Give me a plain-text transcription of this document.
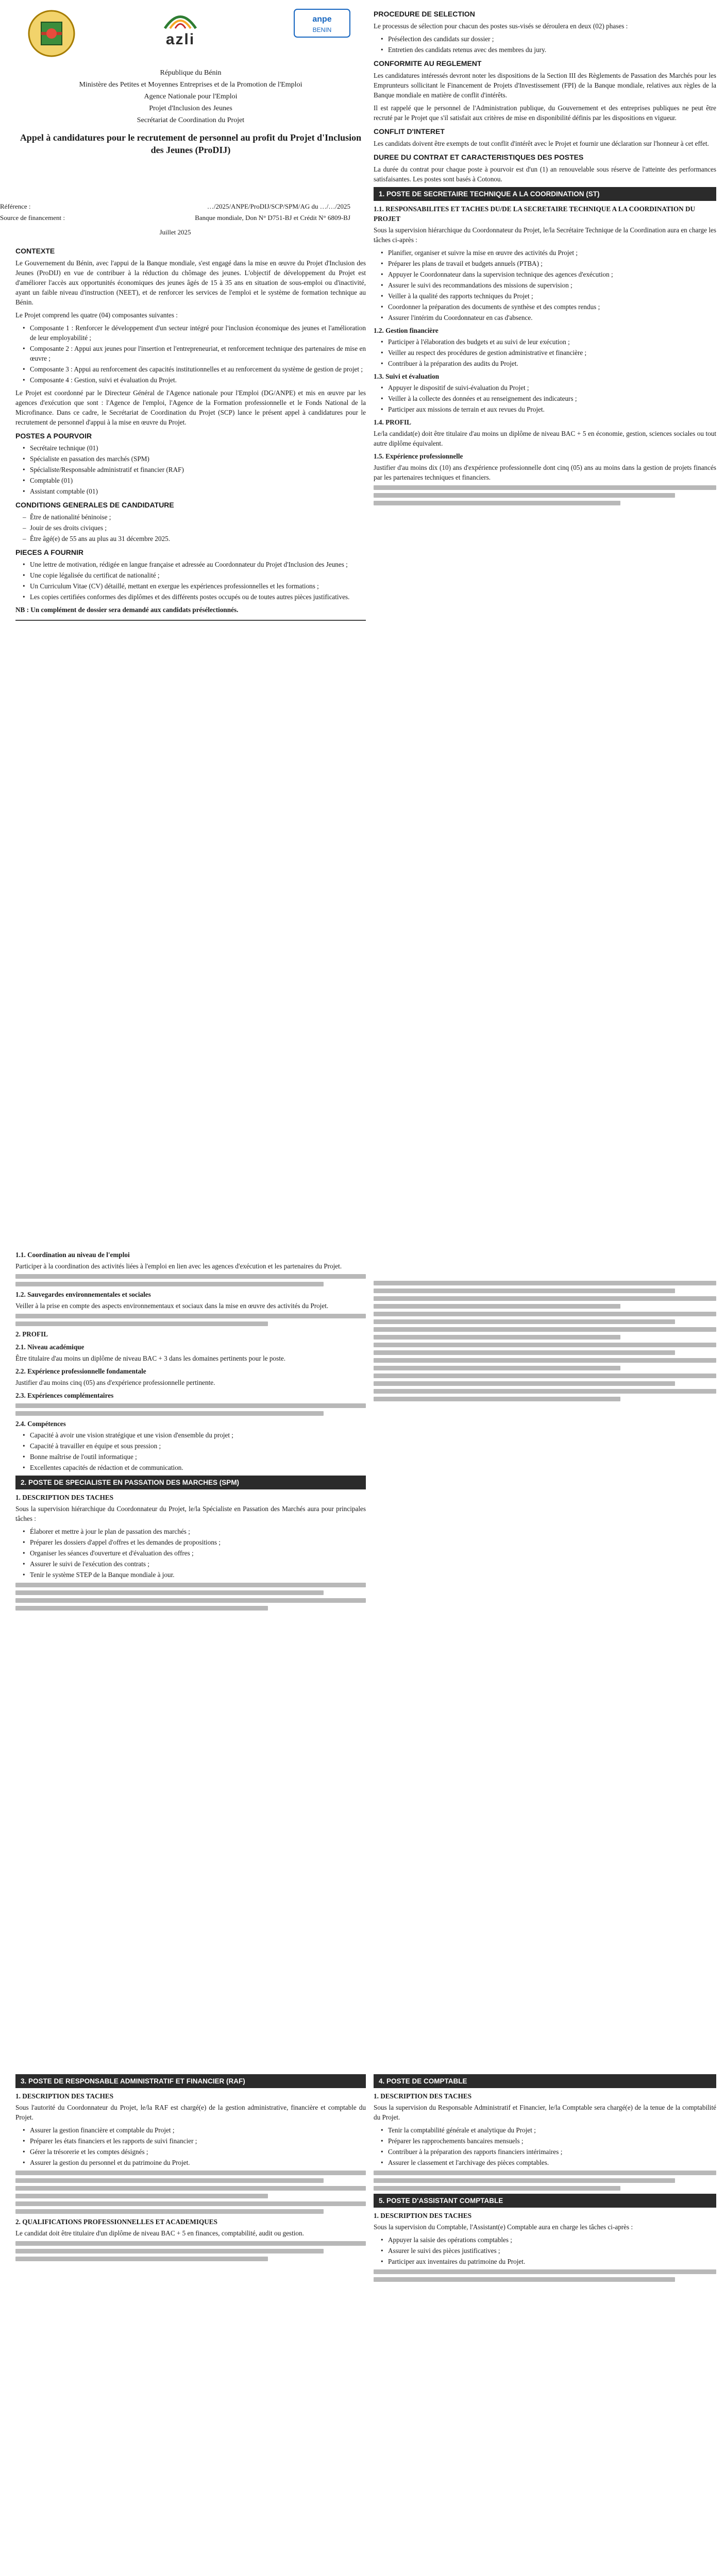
azli
anpe
BENIN
République du Bénin
Ministère des Petites et Moyennes Entreprises et de la Promotion de l'Emploi
Agence Nationale pour l'Emploi
Projet d'Inclusion des Jeunes
Secrétariat de Coordination du Projet
Appel à candidatures pour le recrutement de personnel au profit du Projet d'Inclusion des Jeunes (ProDIJ)
Référence :	…/2025/ANPE/ProDIJ/SCP/SPM/AG du …/…/2025
Source de financement :	Banque mondiale, Don N° D751-BJ et Crédit N° 6809-BJ
Juillet 2025
CONTEXTE
Le Gouvernement du Bénin, avec l'appui de la Banque mondiale, s'est engagé dans la mise en œuvre du Projet d'Inclusion des Jeunes (ProDIJ) en vue de contribuer à la réduction du chômage des jeunes. L'objectif de développement du Projet est d'améliorer l'accès aux opportunités économiques des jeunes âgés de 15 à 35 ans en situation de sous-emploi ou d'inactivité, ayant un faible niveau d'instruction (NEET), et de renforcer les services de l'emploi et le système de formation technique au Bénin.
Le Projet comprend les quatre (04) composantes suivantes :
• Composante 1 : Renforcer le développement d'un secteur intégré pour l'inclusion économique des jeunes et l'amélioration de leur employabilité ;
• Composante 2 : Appui aux jeunes pour l'insertion et l'entrepreneuriat, et renforcement technique des partenaires de mise en œuvre ;
• Composante 3 : Appui au renforcement des capacités institutionnelles et au renforcement du système de gestion de projet ;
• Composante 4 : Gestion, suivi et évaluation du Projet.
Le Projet est coordonné par le Directeur Général de l'Agence nationale pour l'Emploi (DG/ANPE) et mis en œuvre par les agences d'exécution que sont : l'Agence de l'emploi, l'Agence de la Formation professionnelle et le Fonds National de la Microfinance. Dans ce cadre, le Secrétariat de Coordination du Projet (SCP) lance le présent appel à candidatures pour le recrutement de personnel d'appui à la mise en œuvre du Projet.
POSTES A POURVOIR
• Secrétaire technique (01)
• Spécialiste en passation des marchés (SPM)
• Spécialiste/Responsable administratif et financier (RAF)
• Comptable (01)
• Assistant comptable (01)
CONDITIONS GENERALES DE CANDIDATURE
– Être de nationalité béninoise ;
– Jouir de ses droits civiques ;
– Être âgé(e) de 55 ans au plus au 31 décembre 2025.
PIECES A FOURNIR
• Une lettre de motivation, rédigée en langue française et adressée au Coordonnateur du Projet d'Inclusion des Jeunes ;
• Une copie légalisée du certificat de nationalité ;
• Un Curriculum Vitae (CV) détaillé, mettant en exergue les expériences professionnelles et les formations ;
• Les copies certifiées conformes des diplômes et des différents postes occupés ou de toutes autres pièces justificatives.
NB : Un complément de dossier sera demandé aux candidats présélectionnés.
PROCEDURE DE SELECTION
Le processus de sélection pour chacun des postes sus-visés se déroulera en deux (02) phases :
• Présélection des candidats sur dossier ;
• Entretien des candidats retenus avec des membres du jury.
CONFORMITE AU REGLEMENT
Les candidatures intéressés devront noter les dispositions de la Section III des Règlements de Passation des Marchés pour les Emprunteurs sollicitant le Financement de Projets d'Investissement (FPI) de la Banque mondiale, relatives aux règles de la Banque mondiale en matière de conflit d'intérêts.
Il est rappelé que le personnel de l'Administration publique, du Gouvernement et des entreprises publiques ne peut être recruté par le Projet que s'il satisfait aux critères de mise en disponibilité définis par les dispositions en vigueur.
CONFLIT D'INTERET
Les candidats doivent être exempts de tout conflit d'intérêt avec le Projet et fournir une déclaration sur l'honneur à cet effet.
DUREE DU CONTRAT ET CARACTERISTIQUES DES POSTES
La durée du contrat pour chaque poste à pourvoir est d'un (1) an renouvelable sous réserve de l'atteinte des performances satisfaisantes. Les postes sont basés à Cotonou.
1. POSTE DE SECRETAIRE TECHNIQUE A LA COORDINATION (ST)
1.1. RESPONSABILITES ET TACHES DU/DE LA SECRETAIRE TECHNIQUE A LA COORDINATION DU PROJET
Sous la supervision hiérarchique du Coordonnateur du Projet, le/la Secrétaire Technique de la Coordination aura en charge les tâches ci-après :
• Planifier, organiser et suivre la mise en œuvre des activités du Projet ;
• Préparer les plans de travail et budgets annuels (PTBA) ;
• Appuyer le Coordonnateur dans la supervision technique des agences d'exécution ;
• Assurer le suivi des recommandations des missions de supervision ;
• Veiller à la qualité des rapports techniques du Projet ;
• Coordonner la préparation des documents de synthèse et des comptes rendus ;
• Assurer l'intérim du Coordonnateur en cas d'absence.
1.2. Gestion financière
• Participer à l'élaboration des budgets et au suivi de leur exécution ;
• Veiller au respect des procédures de gestion administrative et financière ;
• Contribuer à la préparation des audits du Projet.
1.3. Suivi et évaluation
• Appuyer le dispositif de suivi-évaluation du Projet ;
• Veiller à la collecte des données et au renseignement des indicateurs ;
• Participer aux missions de terrain et aux revues du Projet.
1.4. PROFIL
Le/la candidat(e) doit être titulaire d'au moins un diplôme de niveau BAC + 5 en économie, gestion, sciences sociales ou tout autre diplôme équivalent.
1.5. Expérience professionnelle
Justifier d'au moins dix (10) ans d'expérience professionnelle dont cinq (05) ans au moins dans la gestion de projets financés par les partenaires techniques et financiers.
1.1. Coordination au niveau de l'emploi
Participer à la coordination des activités liées à l'emploi en lien avec les agences d'exécution et les partenaires du Projet.
1.2. Sauvegardes environnementales et sociales
Veiller à la prise en compte des aspects environnementaux et sociaux dans la mise en œuvre des activités du Projet.
2. PROFIL
2.1. Niveau académique
Être titulaire d'au moins un diplôme de niveau BAC + 3 dans les domaines pertinents pour le poste.
2.2. Expérience professionnelle fondamentale
Justifier d'au moins cinq (05) ans d'expérience professionnelle pertinente.
2.3. Expériences complémentaires
2.4. Compétences
• Capacité à avoir une vision stratégique et une vision d'ensemble du projet ;
• Capacité à travailler en équipe et sous pression ;
• Bonne maîtrise de l'outil informatique ;
• Excellentes capacités de rédaction et de communication.
2. POSTE DE SPECIALISTE EN PASSATION DES MARCHES (SPM)
1. DESCRIPTION DES TACHES
Sous la supervision hiérarchique du Coordonnateur du Projet, le/la Spécialiste en Passation des Marchés aura pour principales tâches :
• Élaborer et mettre à jour le plan de passation des marchés ;
• Préparer les dossiers d'appel d'offres et les demandes de propositions ;
• Organiser les séances d'ouverture et d'évaluation des offres ;
• Assurer le suivi de l'exécution des contrats ;
• Tenir le système STEP de la Banque mondiale à jour.
3. POSTE DE RESPONSABLE ADMINISTRATIF ET FINANCIER (RAF)
1. DESCRIPTION DES TACHES
Sous l'autorité du Coordonnateur du Projet, le/la RAF est chargé(e) de la gestion administrative, financière et comptable du Projet.
• Assurer la gestion financière et comptable du Projet ;
• Préparer les états financiers et les rapports de suivi financier ;
• Gérer la trésorerie et les comptes désignés ;
• Assurer la gestion du personnel et du patrimoine du Projet.
2. QUALIFICATIONS PROFESSIONNELLES ET ACADEMIQUES
Le candidat doit être titulaire d'un diplôme de niveau BAC + 5 en finances, comptabilité, audit ou gestion.
4. POSTE DE COMPTABLE
1. DESCRIPTION DES TACHES
Sous la supervision du Responsable Administratif et Financier, le/la Comptable sera chargé(e) de la tenue de la comptabilité du Projet.
• Tenir la comptabilité générale et analytique du Projet ;
• Préparer les rapprochements bancaires mensuels ;
• Contribuer à la préparation des rapports financiers intérimaires ;
• Assurer le classement et l'archivage des pièces comptables.
5. POSTE D'ASSISTANT COMPTABLE
1. DESCRIPTION DES TACHES
Sous la supervision du Comptable, l'Assistant(e) Comptable aura en charge les tâches ci-après :
• Appuyer la saisie des opérations comptables ;
• Assurer le suivi des pièces justificatives ;
• Participer aux inventaires du patrimoine du Projet.
